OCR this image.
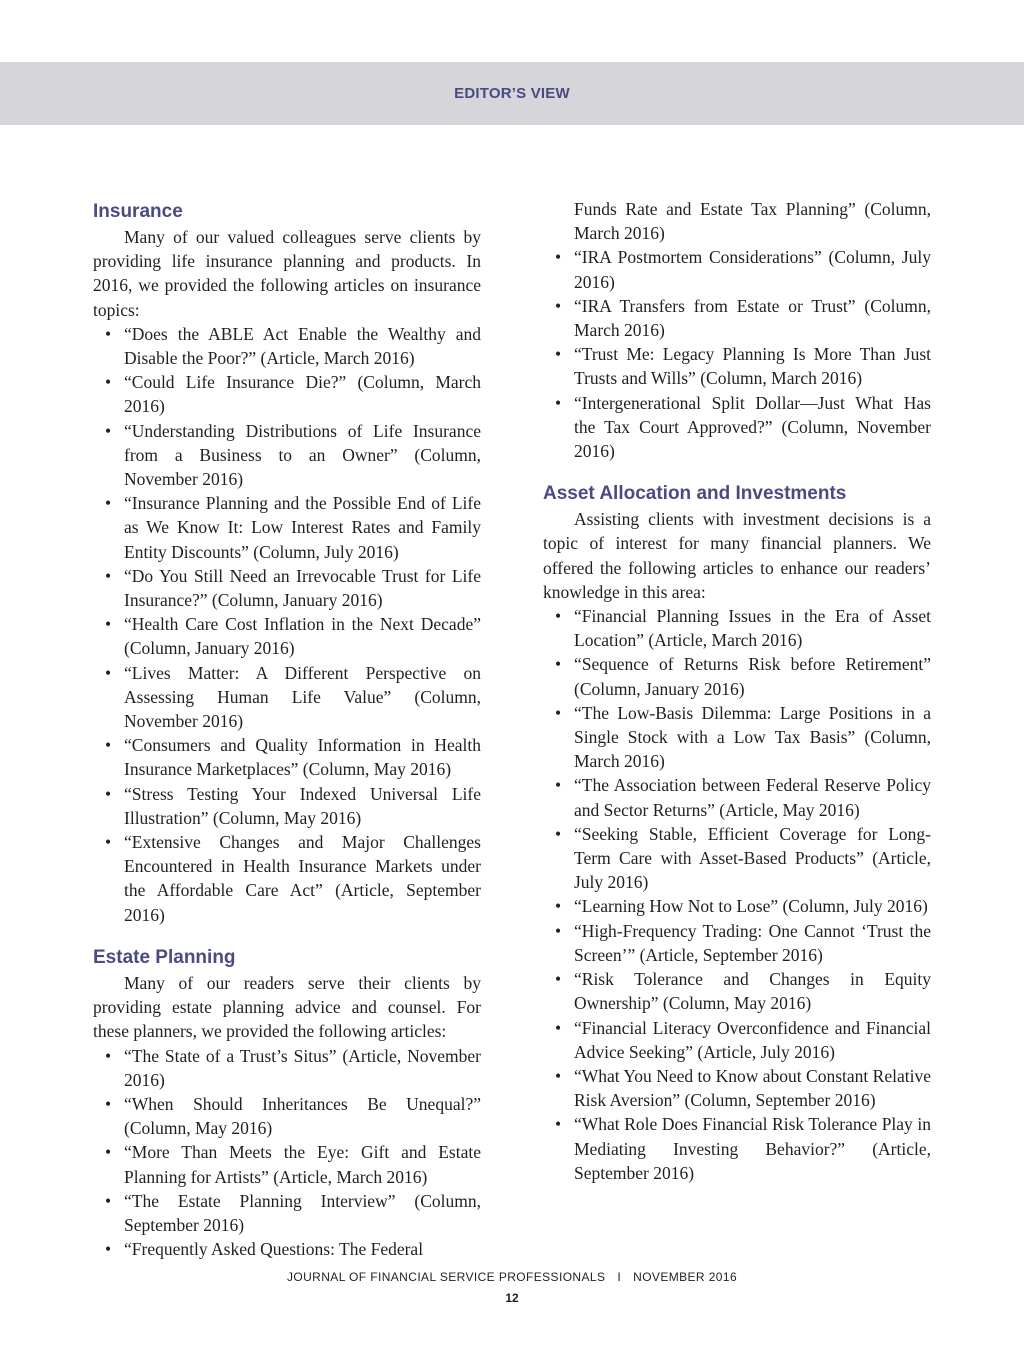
EDITOR’S VIEW
Insurance

Many of our valued colleagues serve clients by providing life insurance planning and products. In 2016, we provided the following articles on insurance topics:

• “Does the ABLE Act Enable the Wealthy and Disable the Poor?” (Article, March 2016)
• “Could Life Insurance Die?” (Column, March 2016)
• “Understanding Distributions of Life Insurance from a Business to an Owner” (Column, November 2016)
• “Insurance Planning and the Possible End of Life as We Know It: Low Interest Rates and Family Entity Discounts” (Column, July 2016)
• “Do You Still Need an Irrevocable Trust for Life Insurance?” (Column, January 2016)
• “Health Care Cost Inflation in the Next Decade” (Column, January 2016)
• “Lives Matter: A Different Perspective on Assessing Human Life Value” (Column, November 2016)
• “Consumers and Quality Information in Health Insurance Marketplaces” (Column, May 2016)
• “Stress Testing Your Indexed Universal Life Illustration” (Column, May 2016)
• “Extensive Changes and Major Challenges Encountered in Health Insurance Markets under the Affordable Care Act” (Article, September 2016)
Estate Planning

Many of our readers serve their clients by providing estate planning advice and counsel. For these planners, we provided the following articles:

• “The State of a Trust’s Situs” (Article, November 2016)
• “When Should Inheritances Be Unequal?” (Column, May 2016)
• “More Than Meets the Eye: Gift and Estate Planning for Artists” (Article, March 2016)
• “The Estate Planning Interview” (Column, September 2016)
• “Frequently Asked Questions: The Federal
Funds Rate and Estate Tax Planning” (Column, March 2016)
• “IRA Postmortem Considerations” (Column, July 2016)
• “IRA Transfers from Estate or Trust” (Column, March 2016)
• “Trust Me: Legacy Planning Is More Than Just Trusts and Wills” (Column, March 2016)
• “Intergenerational Split Dollar—Just What Has the Tax Court Approved?” (Column, November 2016)
Asset Allocation and Investments

Assisting clients with investment decisions is a topic of interest for many financial planners. We offered the following articles to enhance our readers’ knowledge in this area:

• “Financial Planning Issues in the Era of Asset Location” (Article, March 2016)
• “Sequence of Returns Risk before Retirement” (Column, January 2016)
• “The Low-Basis Dilemma: Large Positions in a Single Stock with a Low Tax Basis” (Column, March 2016)
• “The Association between Federal Reserve Policy and Sector Returns” (Article, May 2016)
• “Seeking Stable, Efficient Coverage for Long-Term Care with Asset-Based Products” (Article, July 2016)
• “Learning How Not to Lose” (Column, July 2016)
• “High-Frequency Trading: One Cannot ‘Trust the Screen’” (Article, September 2016)
• “Risk Tolerance and Changes in Equity Ownership” (Column, May 2016)
• “Financial Literacy Overconfidence and Financial Advice Seeking” (Article, July 2016)
• “What You Need to Know about Constant Relative Risk Aversion” (Column, September 2016)
• “What Role Does Financial Risk Tolerance Play in Mediating Investing Behavior?” (Article, September 2016)
JOURNAL OF FINANCIAL SERVICE PROFESSIONALS I NOVEMBER 2016
12
